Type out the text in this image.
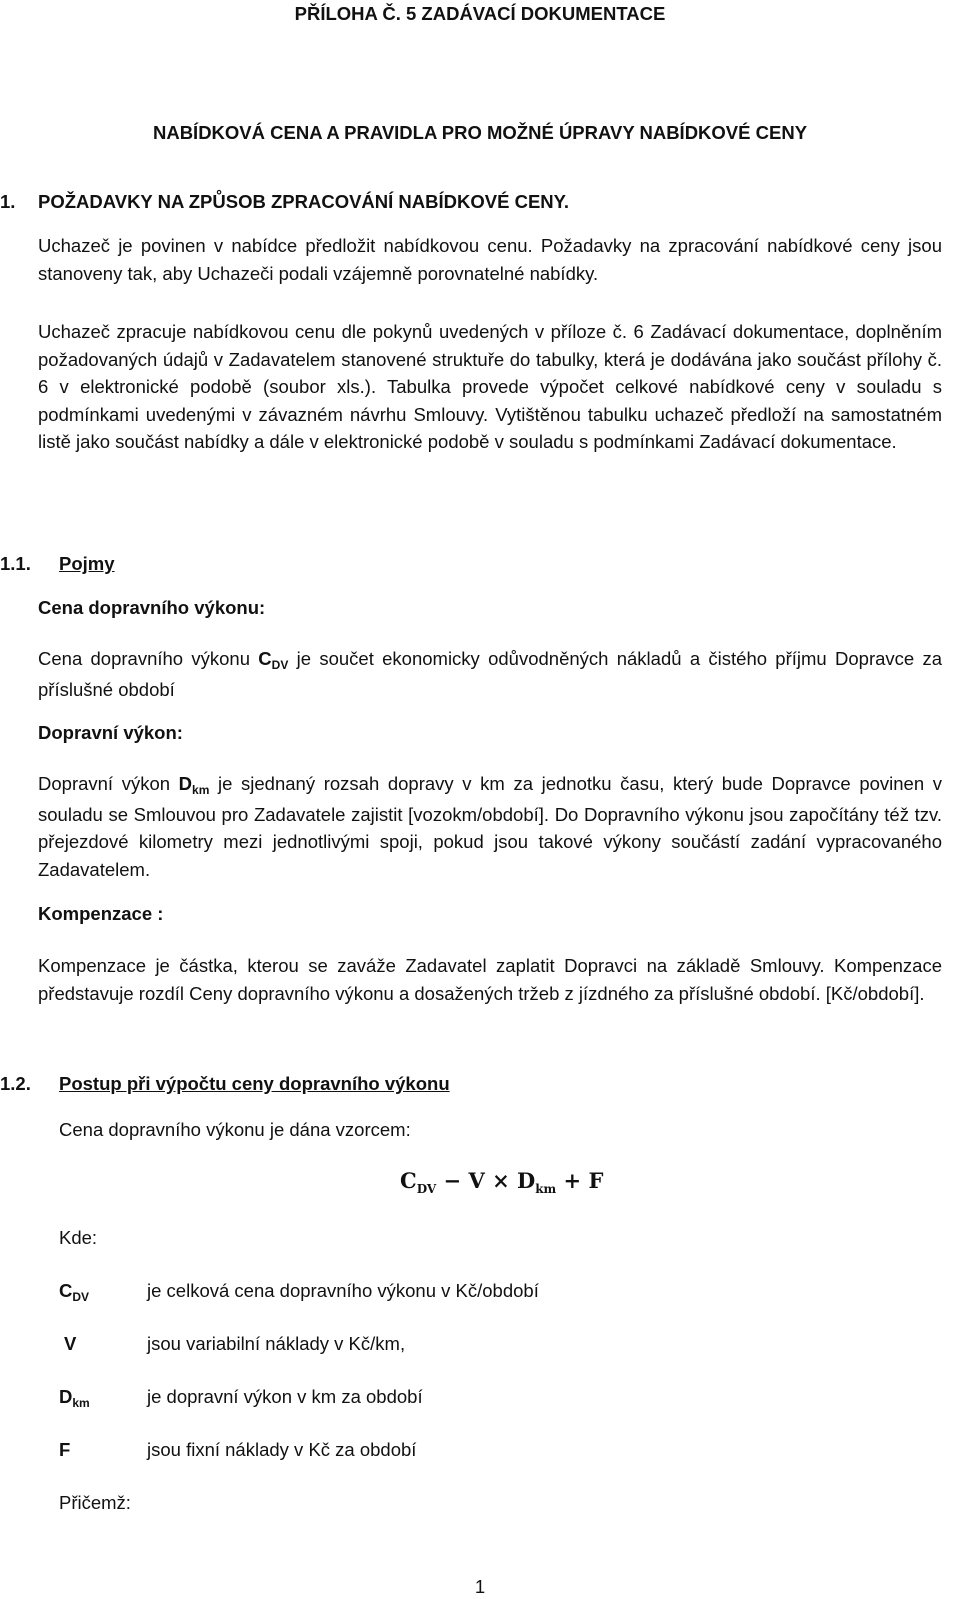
PŘÍLOHA Č. 5 ZADÁVACÍ DOKUMENTACE
NABÍDKOVÁ CENA A PRAVIDLA PRO MOŽNÉ ÚPRAVY NABÍDKOVÉ CENY
1. POŽADAVKY NA ZPŮSOB ZPRACOVÁNÍ NABÍDKOVÉ CENY.
Uchazeč je povinen v nabídce předložit nabídkovou cenu. Požadavky na zpracování nabídkové ceny jsou stanoveny tak, aby Uchazeči podali vzájemně porovnatelné nabídky.
Uchazeč zpracuje nabídkovou cenu dle pokynů uvedených v příloze č. 6 Zadávací dokumentace, doplněním požadovaných údajů v Zadavatelem stanovené struktuře do tabulky, která je dodávána jako součást přílohy č. 6 v elektronické podobě (soubor xls.). Tabulka provede výpočet celkové nabídkové ceny v souladu s podmínkami uvedenými v závazném návrhu Smlouvy. Vytištěnou tabulku uchazeč předloží na samostatném listě jako součást nabídky a dále v elektronické podobě v souladu s podmínkami Zadávací dokumentace.
1.1. Pojmy
Cena dopravního výkonu:
Cena dopravního výkonu $C_{DV}$ je součet ekonomicky odůvodněných nákladů a čistého příjmu Dopravce za příslušné období
Dopravní výkon:
Dopravní výkon $D_{km}$ je sjednaný rozsah dopravy v km za jednotku času, který bude Dopravce povinen v souladu se Smlouvou pro Zadavatele zajistit [vozokm/období]. Do Dopravního výkonu jsou započítány též tzv. přejezdové kilometry mezi jednotlivými spoji, pokud jsou takové výkony součástí zadání vypracovaného Zadavatelem.
Kompenzace :
Kompenzace je částka, kterou se zaváže Zadavatel zaplatit Dopravci na základě Smlouvy. Kompenzace představuje rozdíl Ceny dopravního výkonu a dosažených tržeb z jízdného za příslušné období. [Kč/období].
1.2. Postup při výpočtu ceny dopravního výkonu
Cena dopravního výkonu je dána vzorcem:
$C_{DV} - V \times D_{km} + F$
Kde:
$C_{DV}$	je celková cena dopravního výkonu v Kč/období
V	jsou variabilní náklady v Kč/km,
$D_{km}$	je dopravní výkon v km za období
F	jsou fixní náklady v Kč za období
Přičemž:
1
